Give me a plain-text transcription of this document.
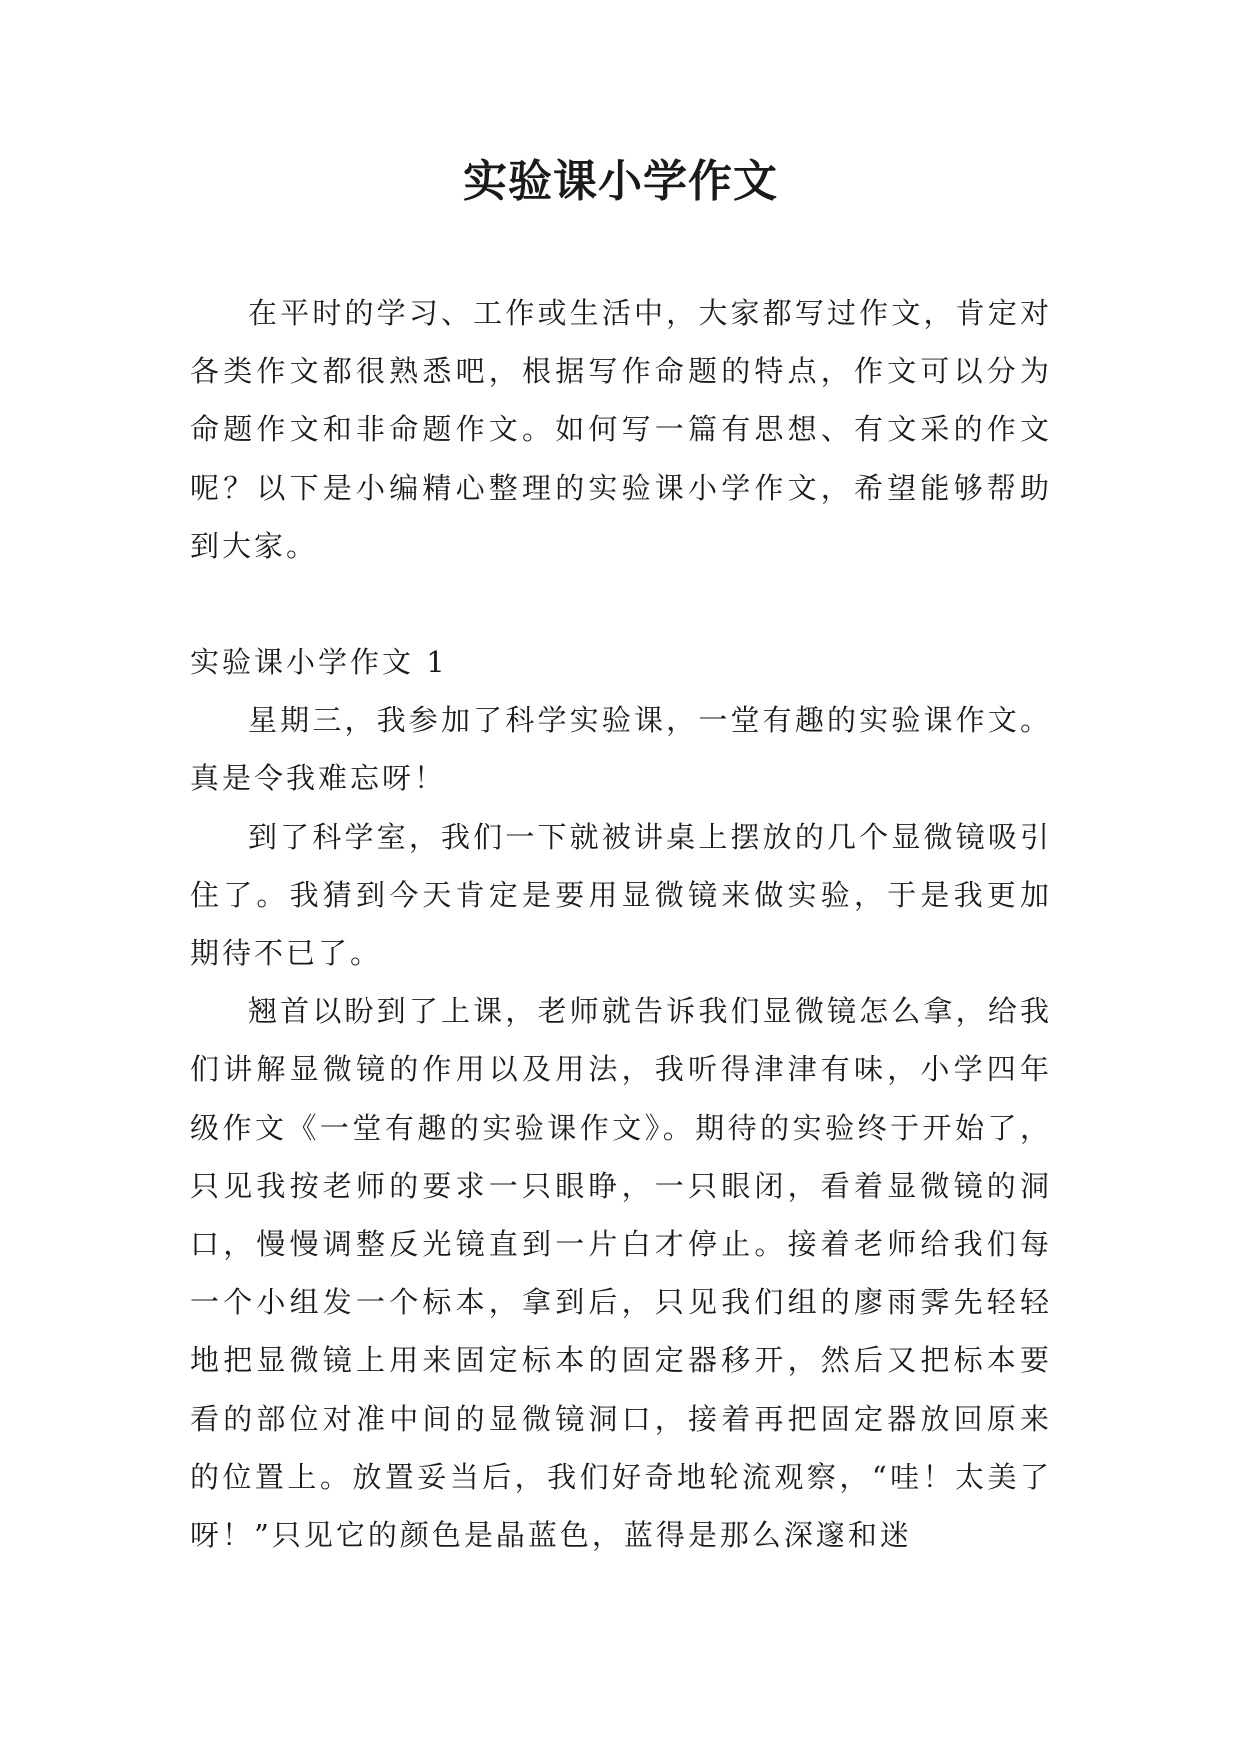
实验课小学作文

在平时的学习、工作或生活中，大家都写过作文，肯定对各类作文都很熟悉吧，根据写作命题的特点，作文可以分为命题作文和非命题作文。如何写一篇有思想、有文采的作文呢？以下是小编精心整理的实验课小学作文，希望能够帮助到大家。

实验课小学作文 1

星期三，我参加了科学实验课，一堂有趣的实验课作文。真是令我难忘呀！

到了科学室，我们一下就被讲桌上摆放的几个显微镜吸引住了。我猜到今天肯定是要用显微镜来做实验，于是我更加期待不已了。

翘首以盼到了上课，老师就告诉我们显微镜怎么拿，给我们讲解显微镜的作用以及用法，我听得津津有味，小学四年级作文《一堂有趣的实验课作文》。期待的实验终于开始了，只见我按老师的要求一只眼睁，一只眼闭，看着显微镜的洞口，慢慢调整反光镜直到一片白才停止。接着老师给我们每一个小组发一个标本，拿到后，只见我们组的廖雨霁先轻轻地把显微镜上用来固定标本的固定器移开，然后又把标本要看的部位对准中间的显微镜洞口，接着再把固定器放回原来的位置上。放置妥当后，我们好奇地轮流观察，“哇！太美了呀！”只见它的颜色是晶蓝色，蓝得是那么深邃和迷
